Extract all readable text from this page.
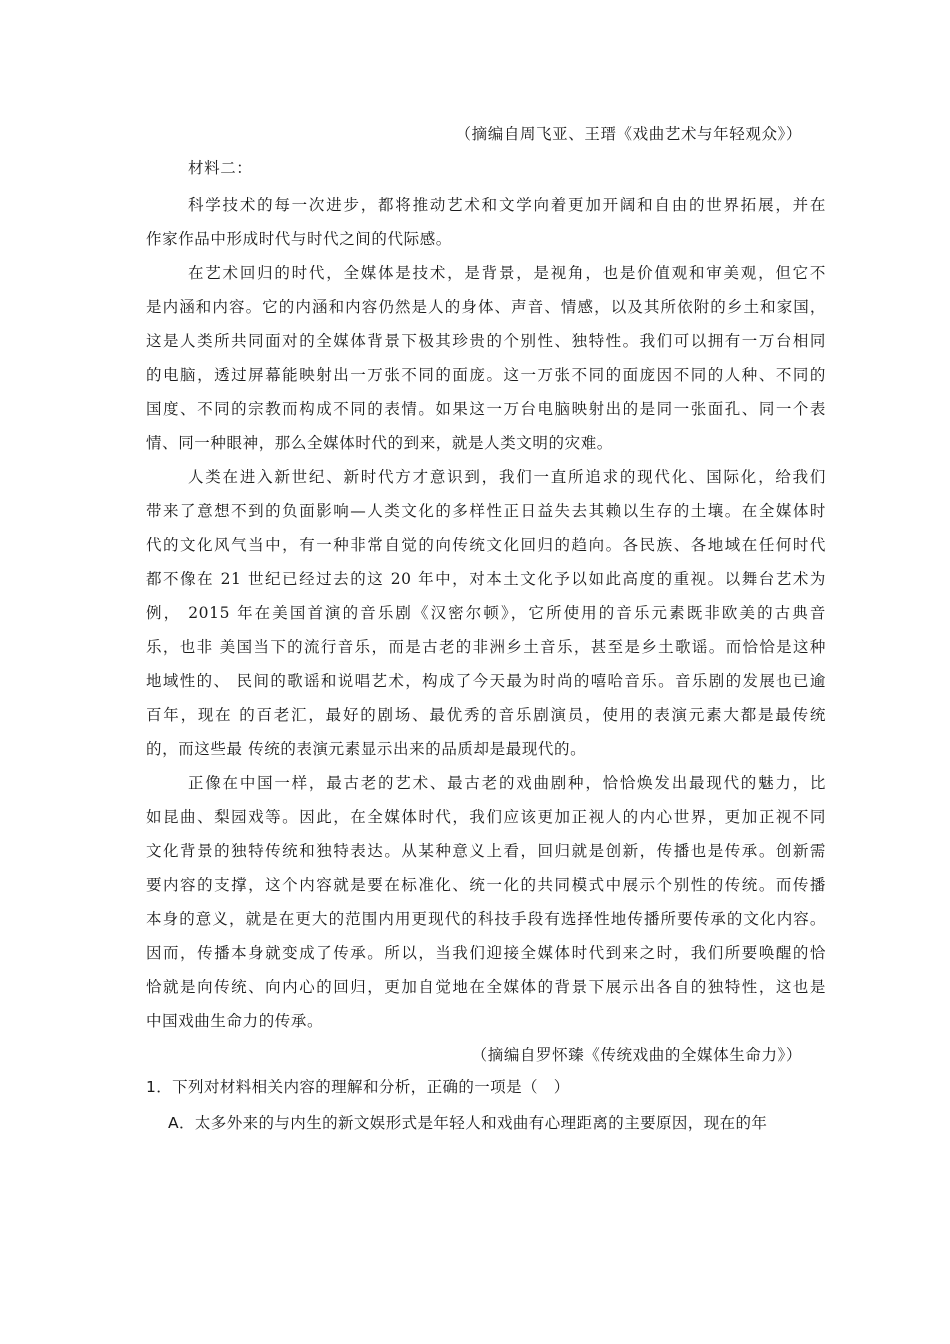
（摘编自周飞亚、王瑨《戏曲艺术与年轻观众》）
材料二：
科学技术的每一次进步，都将推动艺术和文学向着更加开阔和自由的世界拓展，并在
作家作品中形成时代与时代之间的代际感。
在艺术回归的时代，全媒体是技术，是背景，是视角，也是价值观和审美观，但它不
是内涵和内容。它的内涵和内容仍然是人的身体、声音、情感，以及其所依附的乡土和家国，
这是人类所共同面对的全媒体背景下极其珍贵的个别性、独特性。我们可以拥有一万台相同
的电脑，透过屏幕能映射出一万张不同的面庞。这一万张不同的面庞因不同的人种、不同的
国度、不同的宗教而构成不同的表情。如果这一万台电脑映射出的是同一张面孔、同一个表
情、同一种眼神，那么全媒体时代的到来，就是人类文明的灾难。
人类在进入新世纪、新时代方才意识到，我们一直所追求的现代化、国际化，给我们
带来了意想不到的负面影响—人类文化的多样性正日益失去其赖以生存的土壤。在全媒体时
代的文化风气当中，有一种非常自觉的向传统文化回归的趋向。各民族、各地域在任何时代
都不像在 21 世纪已经过去的这 20 年中，对本土文化予以如此高度的重视。以舞台艺术为
例， 2015 年在美国首演的音乐剧《汉密尔顿》，它所使用的音乐元素既非欧美的古典音
乐，也非 美国当下的流行音乐，而是古老的非洲乡土音乐，甚至是乡土歌谣。而恰恰是这种
地域性的、 民间的歌谣和说唱艺术，构成了今天最为时尚的嘻哈音乐。音乐剧的发展也已逾
百年，现在 的百老汇，最好的剧场、最优秀的音乐剧演员，使用的表演元素大都是最传统
的，而这些最 传统的表演元素显示出来的品质却是最现代的。
正像在中国一样，最古老的艺术、最古老的戏曲剧种，恰恰焕发出最现代的魅力，比
如昆曲、梨园戏等。因此，在全媒体时代，我们应该更加正视人的内心世界，更加正视不同
文化背景的独特传统和独特表达。从某种意义上看，回归就是创新，传播也是传承。创新需
要内容的支撑，这个内容就是要在标准化、统一化的共同模式中展示个别性的传统。而传播
本身的意义，就是在更大的范围内用更现代的科技手段有选择性地传播所要传承的文化内容。
因而，传播本身就变成了传承。所以，当我们迎接全媒体时代到来之时，我们所要唤醒的恰
恰就是向传统、向内心的回归，更加自觉地在全媒体的背景下展示出各自的独特性，这也是
中国戏曲生命力的传承。
（摘编自罗怀臻《传统戏曲的全媒体生命力》）
1．下列对材料相关内容的理解和分析，正确的一项是（　）
A．太多外来的与内生的新文娱形式是年轻人和戏曲有心理距离的主要原因，现在的年
